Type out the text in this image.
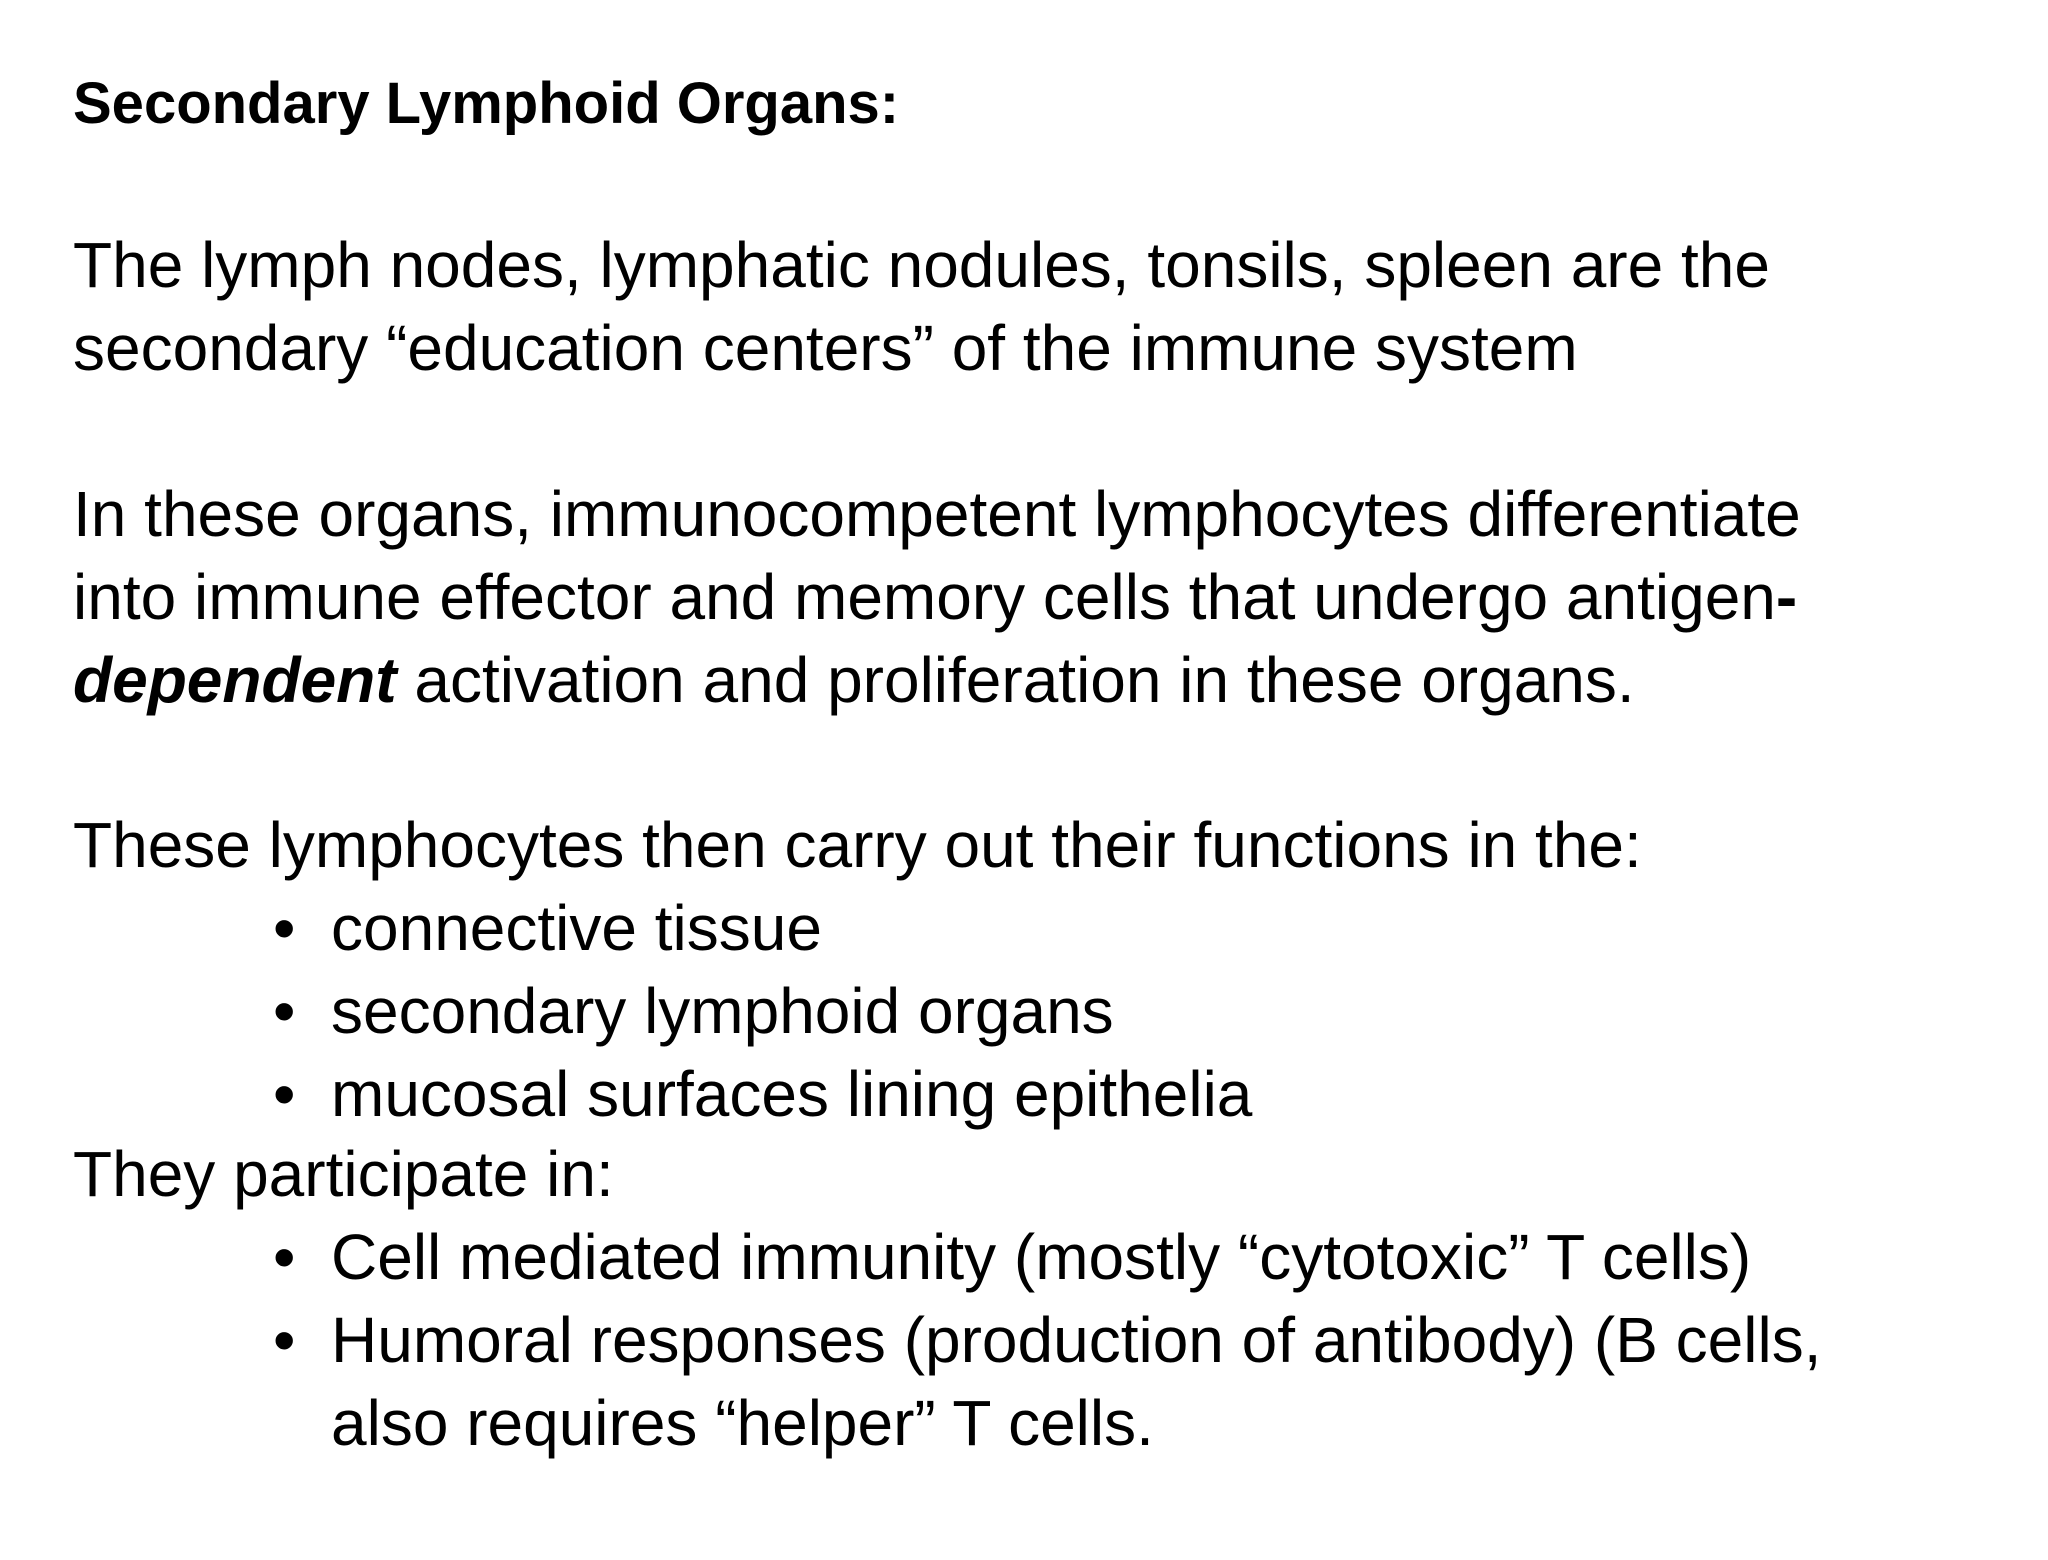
Secondary Lymphoid Organs:

The lymph nodes, lymphatic nodules, tonsils, spleen are the
secondary “education centers” of the immune system

In these organs, immunocompetent lymphocytes differentiate
into immune effector and memory cells that undergo antigen-
dependent activation and proliferation in these organs.

These lymphocytes then carry out their functions in the:

• connective tissue
• secondary lymphoid organs
• mucosal surfaces lining epithelia

They participate in:

• Cell mediated immunity (mostly “cytotoxic” T cells)
• Humoral responses (production of antibody) (B cells,
also requires “helper” T cells.
